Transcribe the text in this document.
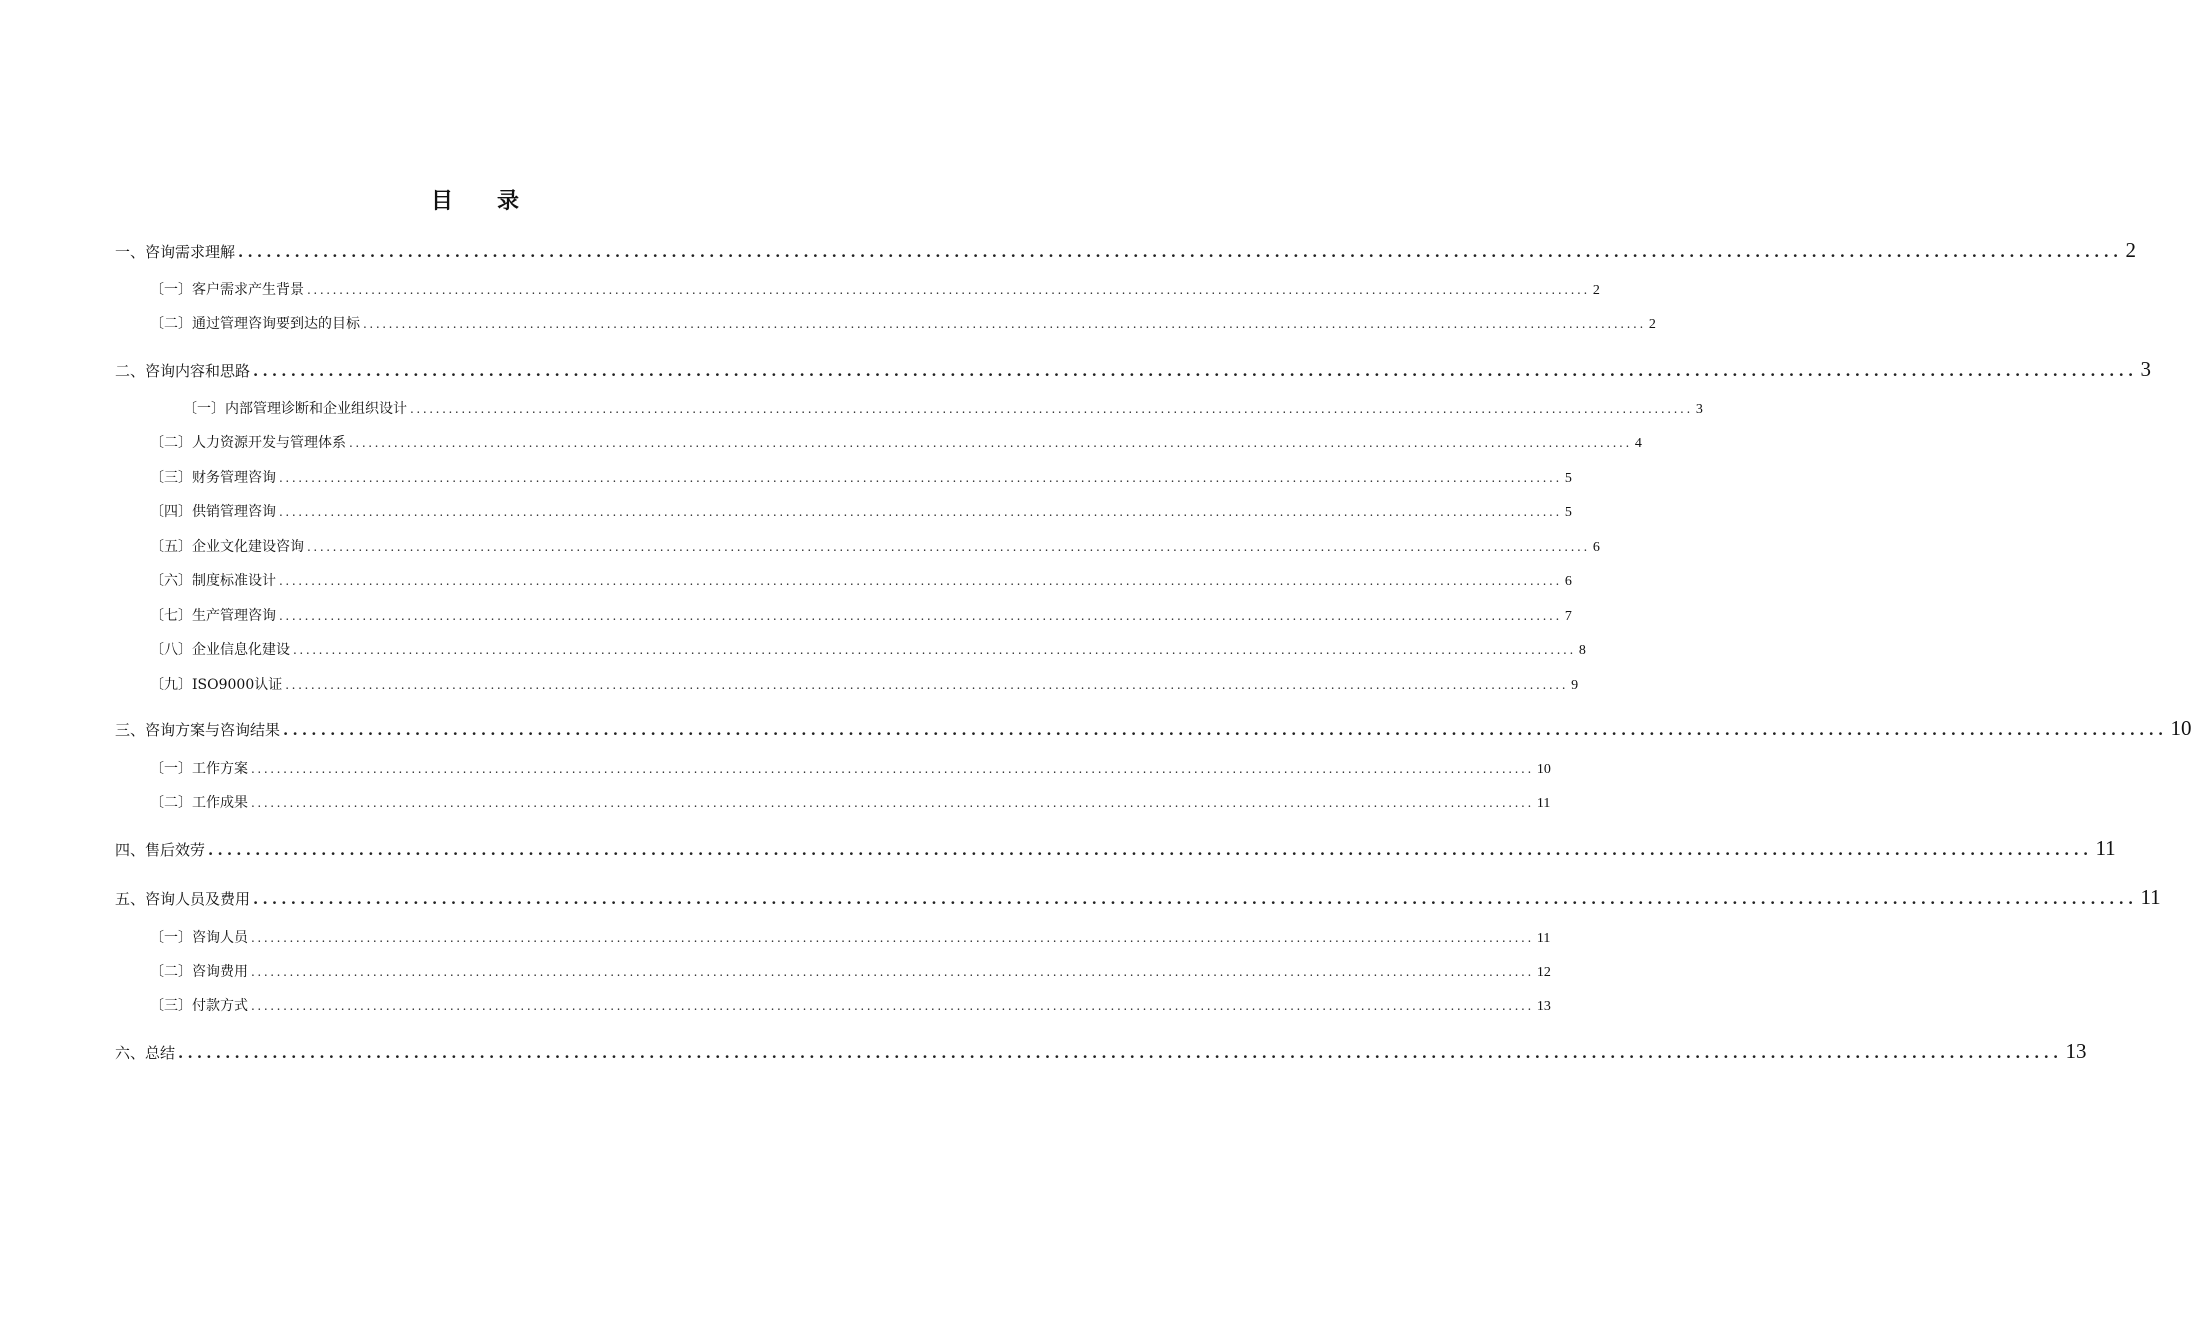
目录
一、咨询需求理解 ........................................................................................................................................................................................................ 2
〔一〕客户需求产生背景 ........................................................................................................................................................................................................ 2
〔二〕通过管理咨询要到达的目标 ........................................................................................................................................................................................................ 2
二、咨询内容和思路 ........................................................................................................................................................................................................ 3
〔一〕内部管理诊断和企业组织设计 ........................................................................................................................................................................................................ 3
〔二〕人力资源开发与管理体系 ........................................................................................................................................................................................................ 4
〔三〕财务管理咨询 ........................................................................................................................................................................................................ 5
〔四〕供销管理咨询 ........................................................................................................................................................................................................ 5
〔五〕企业文化建设咨询 ........................................................................................................................................................................................................ 6
〔六〕制度标准设计 ........................................................................................................................................................................................................ 6
〔七〕生产管理咨询 ........................................................................................................................................................................................................ 7
〔八〕企业信息化建设 ........................................................................................................................................................................................................ 8
〔九〕ISO9000认证 ........................................................................................................................................................................................................ 9
三、咨询方案与咨询结果 ........................................................................................................................................................................................................ 10
〔一〕工作方案 ........................................................................................................................................................................................................ 10
〔二〕工作成果 ........................................................................................................................................................................................................ 11
四、售后效劳 ........................................................................................................................................................................................................ 11
五、咨询人员及费用 ........................................................................................................................................................................................................ 11
〔一〕咨询人员 ........................................................................................................................................................................................................ 11
〔二〕咨询费用 ........................................................................................................................................................................................................ 12
〔三〕付款方式 ........................................................................................................................................................................................................ 13
六、总结 ........................................................................................................................................................................................................ 13
